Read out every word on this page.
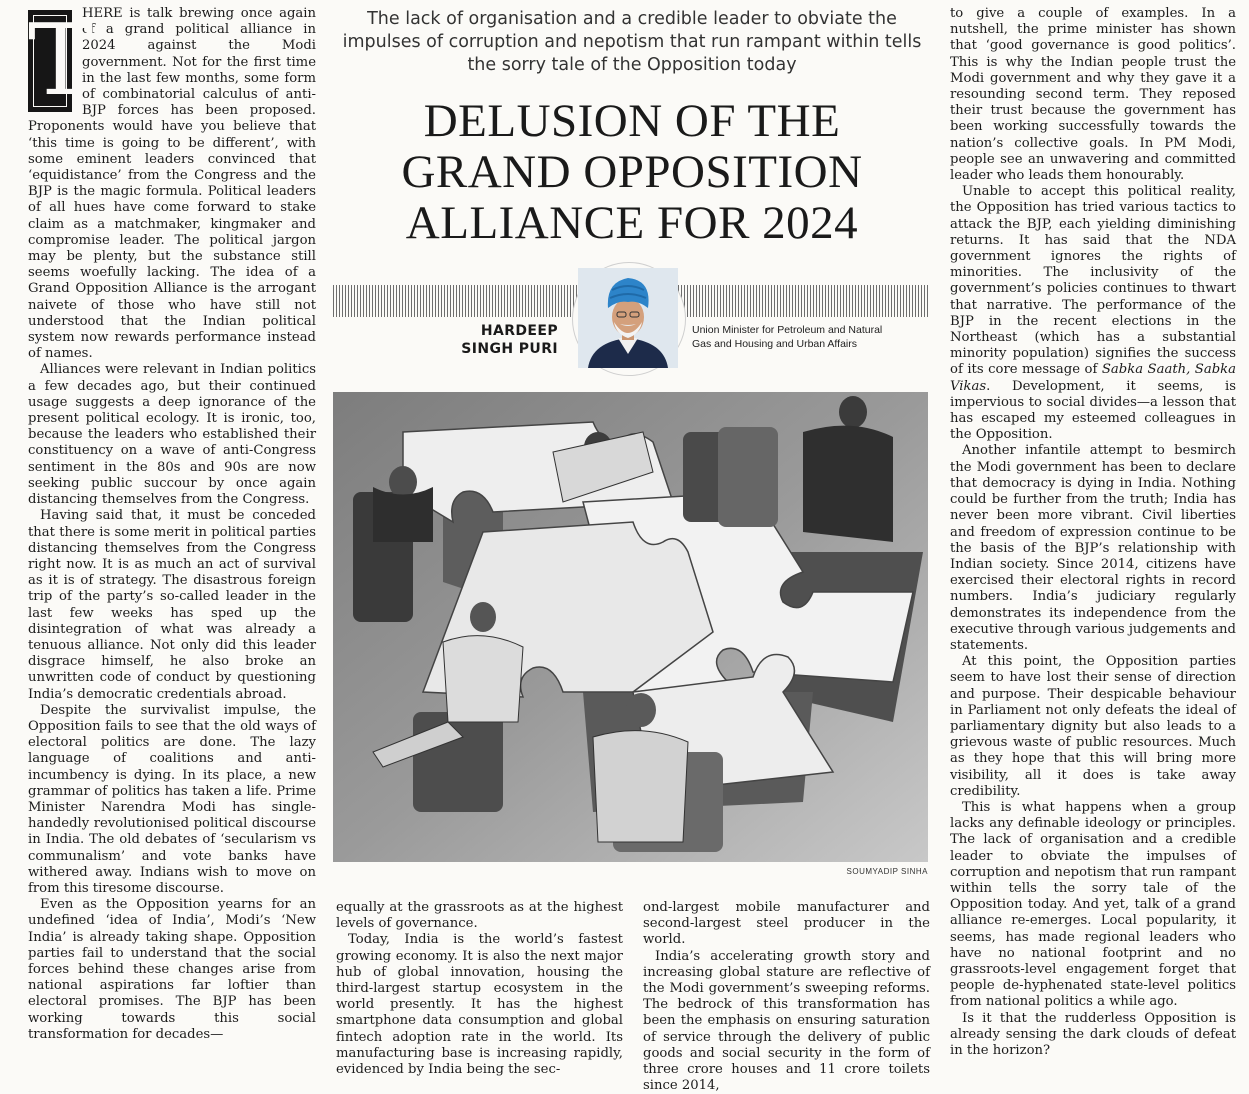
T
HERE is talk brewing once again of a grand political alliance in 2024 against the Modi government. Not for the first time in the last few months, some form of combinatorial calculus of anti-BJP forces has been proposed. Proponents would have you believe that ‘this time is going to be different’, with some eminent leaders convinced that ‘equidistance’ from the Congress and the BJP is the magic formula. Political leaders of all hues have come forward to stake claim as a matchmaker, kingmaker and compromise leader. The political jargon may be plenty, but the substance still seems woefully lacking. The idea of a Grand Opposition Alliance is the arrogant naivete of those who have still not understood that the Indian political system now rewards performance instead of names.

Alliances were relevant in Indian politics a few decades ago, but their continued usage suggests a deep ignorance of the present political ecology. It is ironic, too, because the leaders who established their constituency on a wave of anti-Congress sentiment in the 80s and 90s are now seeking public succour by once again distancing themselves from the Congress.

Having said that, it must be conceded that there is some merit in political parties distancing themselves from the Congress right now. It is as much an act of survival as it is of strategy. The disastrous foreign trip of the party’s so-called leader in the last few weeks has sped up the disintegration of what was already a tenuous alliance. Not only did this leader disgrace himself, he also broke an unwritten code of conduct by questioning India’s democratic credentials abroad.

Despite the survivalist impulse, the Opposition fails to see that the old ways of electoral politics are done. The lazy language of coalitions and anti-incumbency is dying. In its place, a new grammar of politics has taken a life. Prime Minister Narendra Modi has single-handedly revolutionised political discourse in India. The old debates of ‘secularism vs communalism’ and vote banks have withered away. Indians wish to move on from this tiresome discourse.

Even as the Opposition yearns for an undefined ‘idea of India’, Modi’s ‘New India’ is already taking shape. Opposition parties fail to understand that the social forces behind these changes arise from national aspirations far loftier than electoral promises. The BJP has been working towards this social transformation for decades—

The lack of organisation and a credible leader to obviate the impulses of corruption and nepotism that run rampant within tells the sorry tale of the Opposition today
DELUSION OF THE GRAND OPPOSITION ALLIANCE FOR 2024
HARDEEP
SINGH PURI
Union Minister for Petroleum and Natural Gas and Housing and Urban Affairs
SOUMYADIP SINHA

equally at the grassroots as at the highest levels of governance.

Today, India is the world’s fastest growing economy. It is also the next major hub of global innovation, housing the third-largest startup ecosystem in the world presently. It has the highest smartphone data consumption and global fintech adoption rate in the world. Its manufacturing base is increasing rapidly, evidenced by India being the sec-

ond-largest mobile manufacturer and second-largest steel producer in the world.

India’s accelerating growth story and increasing global stature are reflective of the Modi government’s sweeping reforms. The bedrock of this transformation has been the emphasis on ensuring saturation of service through the delivery of public goods and social security in the form of three crore houses and 11 crore toilets since 2014,

to give a couple of examples. In a nutshell, the prime minister has shown that ‘good governance is good politics’. This is why the Indian people trust the Modi government and why they gave it a resounding second term. They reposed their trust because the government has been working successfully towards the nation’s collective goals. In PM Modi, people see an unwavering and committed leader who leads them honourably.

Unable to accept this political reality, the Opposition has tried various tactics to attack the BJP, each yielding diminishing returns. It has said that the NDA government ignores the rights of minorities. The inclusivity of the government’s policies continues to thwart that narrative. The performance of the BJP in the recent elections in the Northeast (which has a substantial minority population) signifies the success of its core message of Sabka Saath, Sabka Vikas. Development, it seems, is impervious to social divides—a lesson that has escaped my esteemed colleagues in the Opposition.

Another infantile attempt to besmirch the Modi government has been to declare that democracy is dying in India. Nothing could be further from the truth; India has never been more vibrant. Civil liberties and freedom of expression continue to be the basis of the BJP’s relationship with Indian society. Since 2014, citizens have exercised their electoral rights in record numbers. India’s judiciary regularly demonstrates its independence from the executive through various judgements and statements.

At this point, the Opposition parties seem to have lost their sense of direction and purpose. Their despicable behaviour in Parliament not only defeats the ideal of parliamentary dignity but also leads to a grievous waste of public resources. Much as they hope that this will bring more visibility, all it does is take away credibility.

This is what happens when a group lacks any definable ideology or principles. The lack of organisation and a credible leader to obviate the impulses of corruption and nepotism that run rampant within tells the sorry tale of the Opposition today. And yet, talk of a grand alliance re-emerges. Local popularity, it seems, has made regional leaders who have no national footprint and no grassroots-level engagement forget that people de-hyphenated state-level politics from national politics a while ago.

Is it that the rudderless Opposition is already sensing the dark clouds of defeat in the horizon?
